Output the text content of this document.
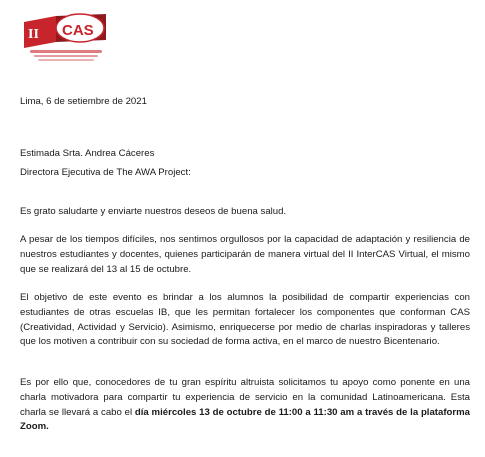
II CAS

Lima, 6 de setiembre de 2021

Estimada Srta. Andrea Cáceres

Directora Ejecutiva de The AWA Project:

Es grato saludarte y enviarte nuestros deseos de buena salud.

A pesar de los tiempos difíciles, nos sentimos orgullosos por la capacidad de adaptación y resiliencia de nuestros estudiantes y docentes, quienes participarán de manera virtual del II InterCAS Virtual, el mismo que se realizará del 13 al 15 de octubre.

El objetivo de este evento es brindar a los alumnos la posibilidad de compartir experiencias con estudiantes de otras escuelas IB, que les permitan fortalecer los componentes que conforman CAS (Creatividad, Actividad y Servicio). Asimismo, enriquecerse por medio de charlas inspiradoras y talleres que los motiven a contribuir con su sociedad de forma activa, en el marco de nuestro Bicentenario.

Es por ello que, conocedores de tu gran espíritu altruista solicitamos tu apoyo como ponente en una charla motivadora para compartir tu experiencia de servicio en la comunidad Latinoamericana. Esta charla se llevará a cabo el día miércoles 13 de octubre de 11:00 a 11:30 am a través de la plataforma Zoom.
